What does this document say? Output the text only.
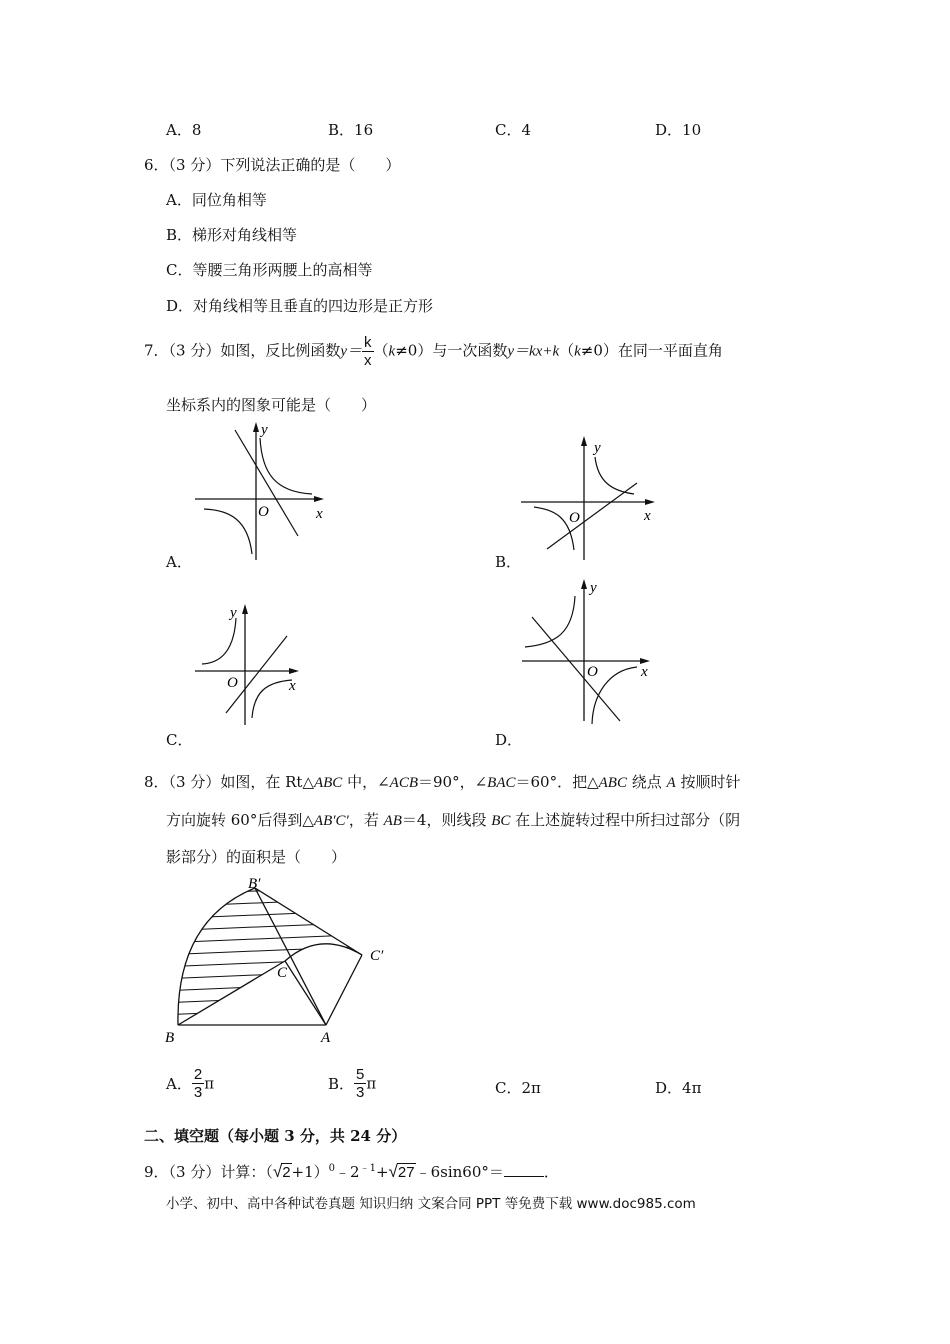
A．8	B．16	C．4	D．10
6．（3 分）下列说法正确的是（　　）
A．同位角相等
B．梯形对角线相等
C．等腰三角形两腰上的高相等
D．对角线相等且垂直的四边形是正方形
7．（3 分）如图，反比例函数$y= \frac{k}{x} (k\ne 0)$与一次函数y＝kx+k（k≠0）在同一平面直角
坐标系内的图象可能是（　　）
y
x
O
A．
y
x
O
B．
y
x
O
C．
y
x
O
D．
8．（3 分）如图，在 Rt△ABC 中，∠ACB＝90°，∠BAC＝60°．把△ABC 绕点 A 按顺时针
方向旋转 60°后得到△AB′C′，若 AB＝4，则线段 BC 在上述旋转过程中所扫过部分（阴
影部分）的面积是（　　）
B′
C′
C
B	A
A． $\frac{2}{3}$ π	B． $\frac{5}{3}$ π	C．2π	D．4π
二、填空题（每小题 3 分，共 24 分）
9．（3 分）计算：$(√2+1)^0﹣2^{﹣1}+√27﹣6\sin 60^\circ=$	．
小学、初中、高中各种试卷真题 知识归纳 文案合同 PPT 等免费下载 www.doc985.com
